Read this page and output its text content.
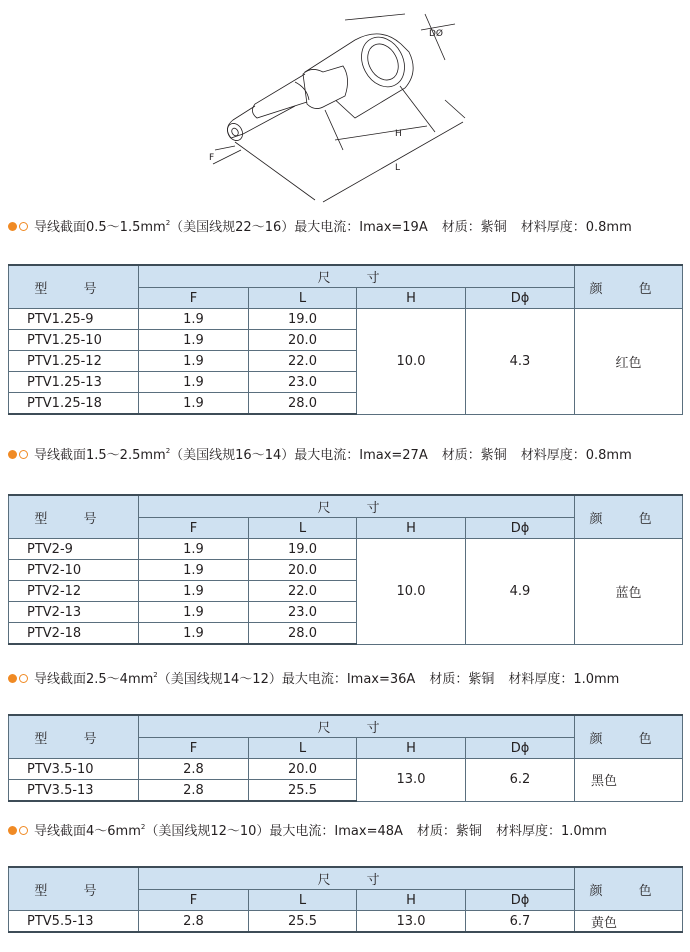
DØ
H
L
F
导线截面$0.5\sim 1.5mm^2$（美国线规22～16）最大电流：Imax=19A 材质：紫铜 材料厚度：0.8mm
型 号	尺 寸				颜 色
	F	L	H	Dϕ	
PTV1.25-9	1.9	19.0	10.0	4.3	红色
PTV1.25-10	1.9	20.0			
PTV1.25-12	1.9	22.0			
PTV1.25-13	1.9	23.0			
PTV1.25-18	1.9	28.0			
导线截面$1.5\sim 2.5mm^2$（美国线规16～14）最大电流：Imax=27A 材质：紫铜 材料厚度：0.8mm
型 号	尺 寸				颜 色
	F	L	H	Dϕ	
PTV2-9	1.9	19.0	10.0	4.9	蓝色
PTV2-10	1.9	20.0			
PTV2-12	1.9	22.0			
PTV2-13	1.9	23.0			
PTV2-18	1.9	28.0			
导线截面$2.5\sim 4mm^2$（美国线规14～12）最大电流：Imax=36A 材质：紫铜 材料厚度：1.0mm
型 号	尺 寸				颜 色
	F	L	H	Dϕ	
PTV3.5-10	2.8	20.0	13.0	6.2	黑色
PTV3.5-13	2.8	25.5			
导线截面$4\sim 6mm^2$（美国线规12～10）最大电流：Imax=48A 材质：紫铜 材料厚度：1.0mm
型 号	尺 寸				颜 色
	F	L	H	Dϕ	
PTV5.5-13	2.8	25.5	13.0	6.7	黄色
